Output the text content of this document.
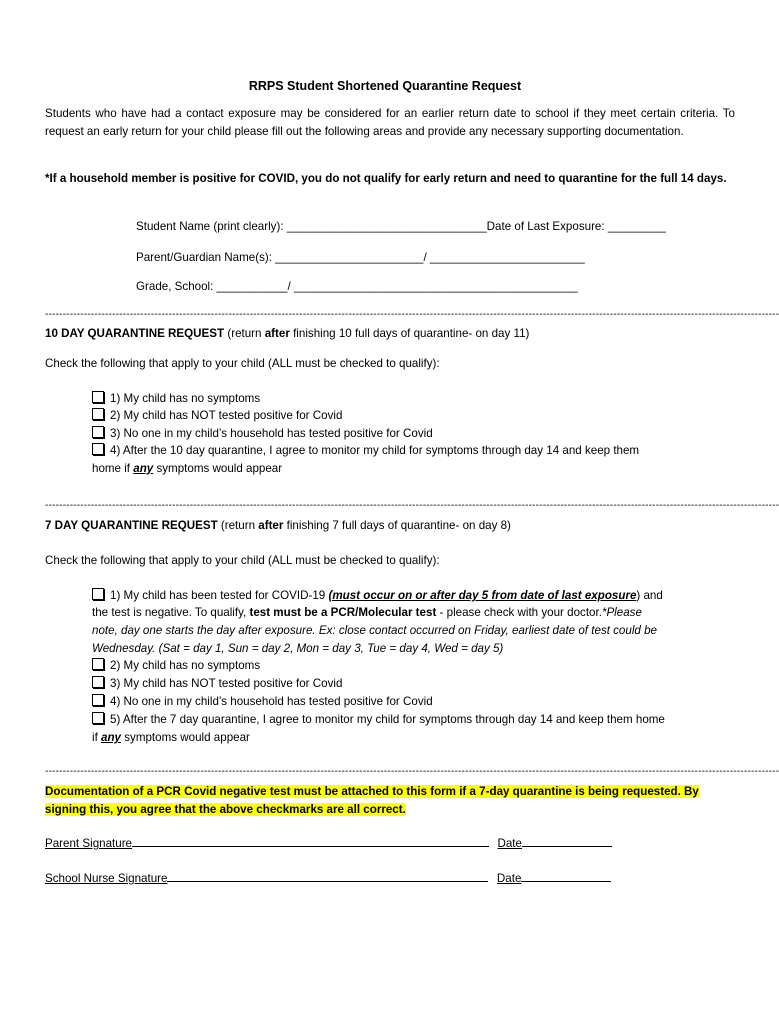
RRPS Student Shortened Quarantine Request
Students who have had a contact exposure may be considered for an earlier return date to school if they meet certain criteria. To request an early return for your child please fill out the following areas and provide any necessary supporting documentation.
*If a household member is positive for COVID, you do not qualify for early return and need to quarantine for the full 14 days.
Student Name (print clearly): _______________________________Date of Last Exposure: _________
Parent/Guardian Name(s): _______________________/ ________________________
Grade, School: ___________/ ____________________________________________
----------------------------------------------------------------------------------------------------------------------------------------------------------------------------------------------------------------
10 DAY QUARANTINE REQUEST (return after finishing 10 full days of quarantine- on day 11)
Check the following that apply to your child (ALL must be checked to qualify):
1) My child has no symptoms
2) My child has NOT tested positive for Covid
3) No one in my child’s household has tested positive for Covid
4) After the 10 day quarantine, I agree to monitor my child for symptoms through day 14 and keep them
home if any symptoms would appear
----------------------------------------------------------------------------------------------------------------------------------------------------------------------------------------------------------------
7 DAY QUARANTINE REQUEST (return after finishing 7 full days of quarantine- on day 8)
Check the following that apply to your child (ALL must be checked to qualify):
1) My child has been tested for COVID-19 (must occur on or after day 5 from date of last exposure) and
the test is negative. To qualify, test must be a PCR/Molecular test - please check with your doctor.*Please
note, day one starts the day after exposure. Ex: close contact occurred on Friday, earliest date of test could be
Wednesday. (Sat = day 1, Sun = day 2, Mon = day 3, Tue = day 4, Wed = day 5)
2) My child has no symptoms
3) My child has NOT tested positive for Covid
4) No one in my child’s household has tested positive for Covid
5) After the 7 day quarantine, I agree to monitor my child for symptoms through day 14 and keep them home
if any symptoms would appear
----------------------------------------------------------------------------------------------------------------------------------------------------------------------------------------------------------------
Documentation of a PCR Covid negative test must be attached to this form if a 7-day quarantine is being requested. By
signing this, you agree that the above checkmarks are all correct.
Parent Signature	Date
School Nurse Signature	Date
